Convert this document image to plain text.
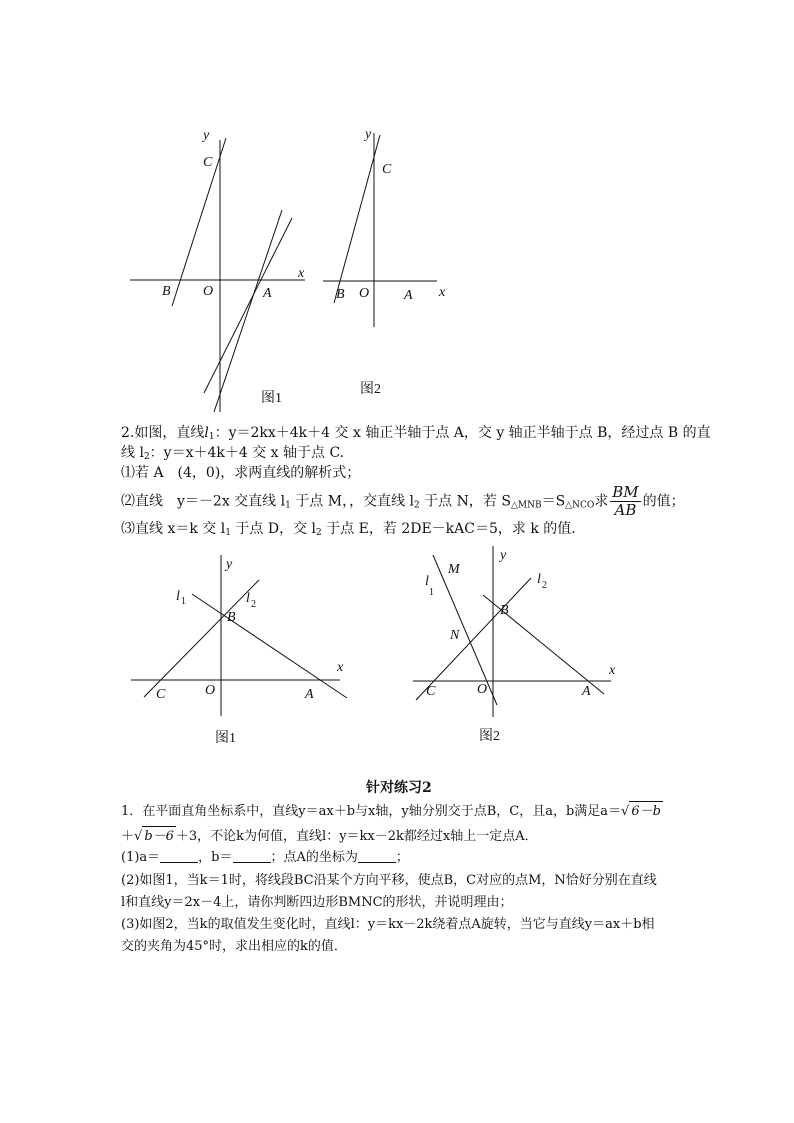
y
x
C
B O	A
图1
y
x
C
B O A
图2
2.如图，直线$l_1$：y＝2kx＋4k＋4 交 x 轴正半轴于点 A，交 y 轴正半轴于点 B，经过点 B 的直
线 $l_2$：y＝x＋4k＋4 交 x 轴于点 C.
⑴若 A　(4，0)，求两直线的解析式；
⑵直线　y＝－2x 交直线 $l_1$ 于点 M，，交直线 $l_2$ 于点 N，若 $S_{\triangle MNB}=S_{\triangle NCO}$求 $\frac{BM}{AB}$ 的值；
⑶直线 x＝k 交 $l_1$ 于点 D，交 $l_2$ 于点 E，若 2DE－kAC＝5，求 k 的值.
y
x
l 1	l 2
B
C	O	A
图1
y
x
M
l
1
l 2
B
N
C	O	A
图2
针对练习2
1．在平面直角坐标系中，直线y＝ax＋b与x轴，y轴分别交于点B，C，且a，b满足a＝√ 6－b
＋√ b－6 ＋3，不论k为何值，直线l：y＝kx－2k都经过x轴上一定点A．
(1)a＝	，b＝	；点A的坐标为	；
(2)如图1，当k＝1时，将线段BC沿某个方向平移，使点B，C对应的点M，N恰好分别在直线
l和直线y＝2x－4上，请你判断四边形BMNC的形状，并说明理由；
(3)如图2，当k的取值发生变化时，直线l：y＝kx－2k绕着点A旋转，当它与直线y＝ax＋b相
交的夹角为45°时，求出相应的k的值．
